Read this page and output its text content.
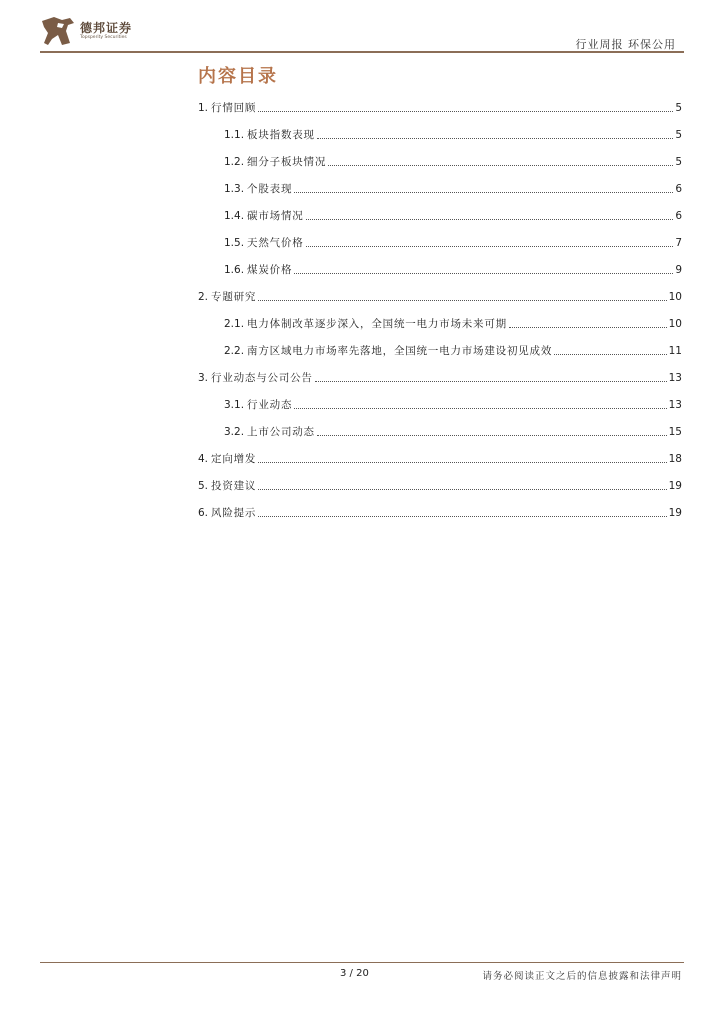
德邦证券
Topsperity Securities
行业周报 环保公用
内容目录
1. 行情回顾	5
1.1. 板块指数表现	5
1.2. 细分子板块情况	5
1.3. 个股表现	6
1.4. 碳市场情况	6
1.5. 天然气价格	7
1.6. 煤炭价格	9
2. 专题研究	10
2.1. 电力体制改革逐步深入，全国统一电力市场未来可期	10
2.2. 南方区域电力市场率先落地，全国统一电力市场建设初见成效	11
3. 行业动态与公司公告	13
3.1. 行业动态	13
3.2. 上市公司动态	15
4. 定向增发	18
5. 投资建议	19
6. 风险提示	19
3 / 20	请务必阅读正文之后的信息披露和法律声明
